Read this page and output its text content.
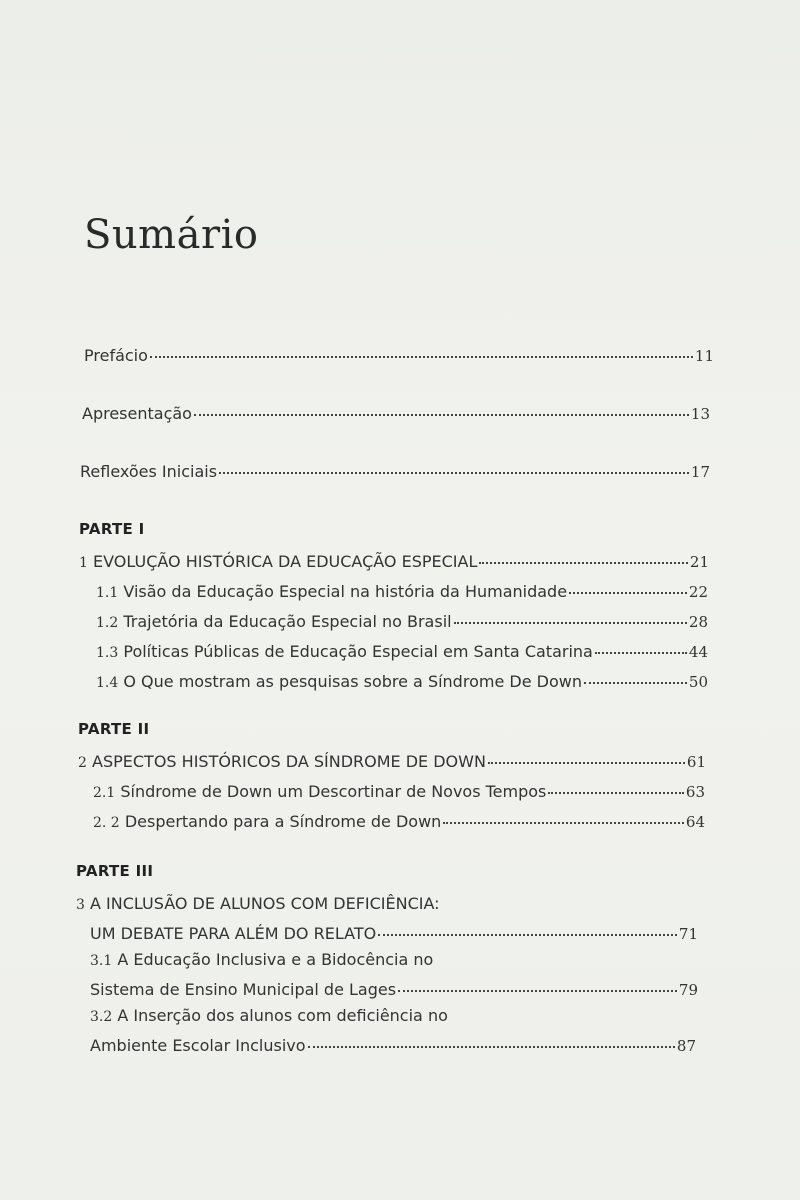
Sumário
Prefácio	11
Apresentação	13
Reflexões Iniciais	17
PARTE I
1 EVOLUÇÃO HISTÓRICA DA EDUCAÇÃO ESPECIAL	21
1.1 Visão da Educação Especial na história da Humanidade	22
1.2 Trajetória da Educação Especial no Brasil	28
1.3 Políticas Públicas de Educação Especial em Santa Catarina	44
1.4 O Que mostram as pesquisas sobre a Síndrome De Down	50
PARTE II
2 ASPECTOS HISTÓRICOS DA SÍNDROME DE DOWN	61
2.1 Síndrome de Down um Descortinar de Novos Tempos	63
2. 2 Despertando para a Síndrome de Down	64
PARTE III
3 A INCLUSÃO DE ALUNOS COM DEFICIÊNCIA:
UM DEBATE PARA ALÉM DO RELATO	71
3.1 A Educação Inclusiva e a Bidocência no
Sistema de Ensino Municipal de Lages	79
3.2 A Inserção dos alunos com deficiência no
Ambiente Escolar Inclusivo	87
